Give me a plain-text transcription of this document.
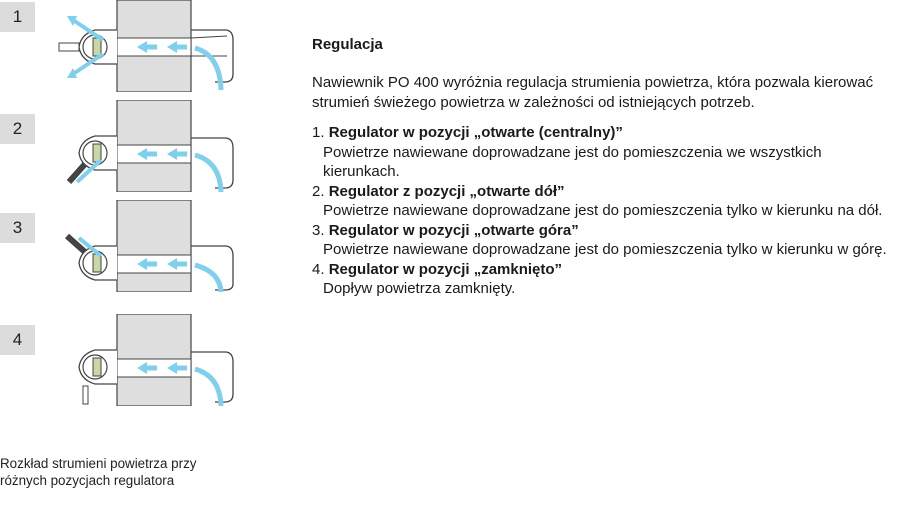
1
2
3
4
Rozkład strumieni powietrza przy różnych pozycjach regulatora
Regulacja

Nawiewnik PO 400 wyróżnia regulacja strumienia powietrza, która pozwala kierować strumień świeżego powietrza w zależności od istniejących potrzeb.

1. Regulator w pozycji „otwarte (centralny)”
Powietrze nawiewane doprowadzane jest do pomieszczenia we wszystkich kierunkach.
2. Regulator z pozycji „otwarte dół”
Powietrze nawiewane doprowadzane jest do pomieszczenia tylko w kierunku na dół.
3. Regulator w pozycji „otwarte góra”
Powietrze nawiewane doprowadzane jest do pomieszczenia tylko w kierunku w górę.
4. Regulator w pozycji „zamknięto”
Dopływ powietrza zamknięty.
